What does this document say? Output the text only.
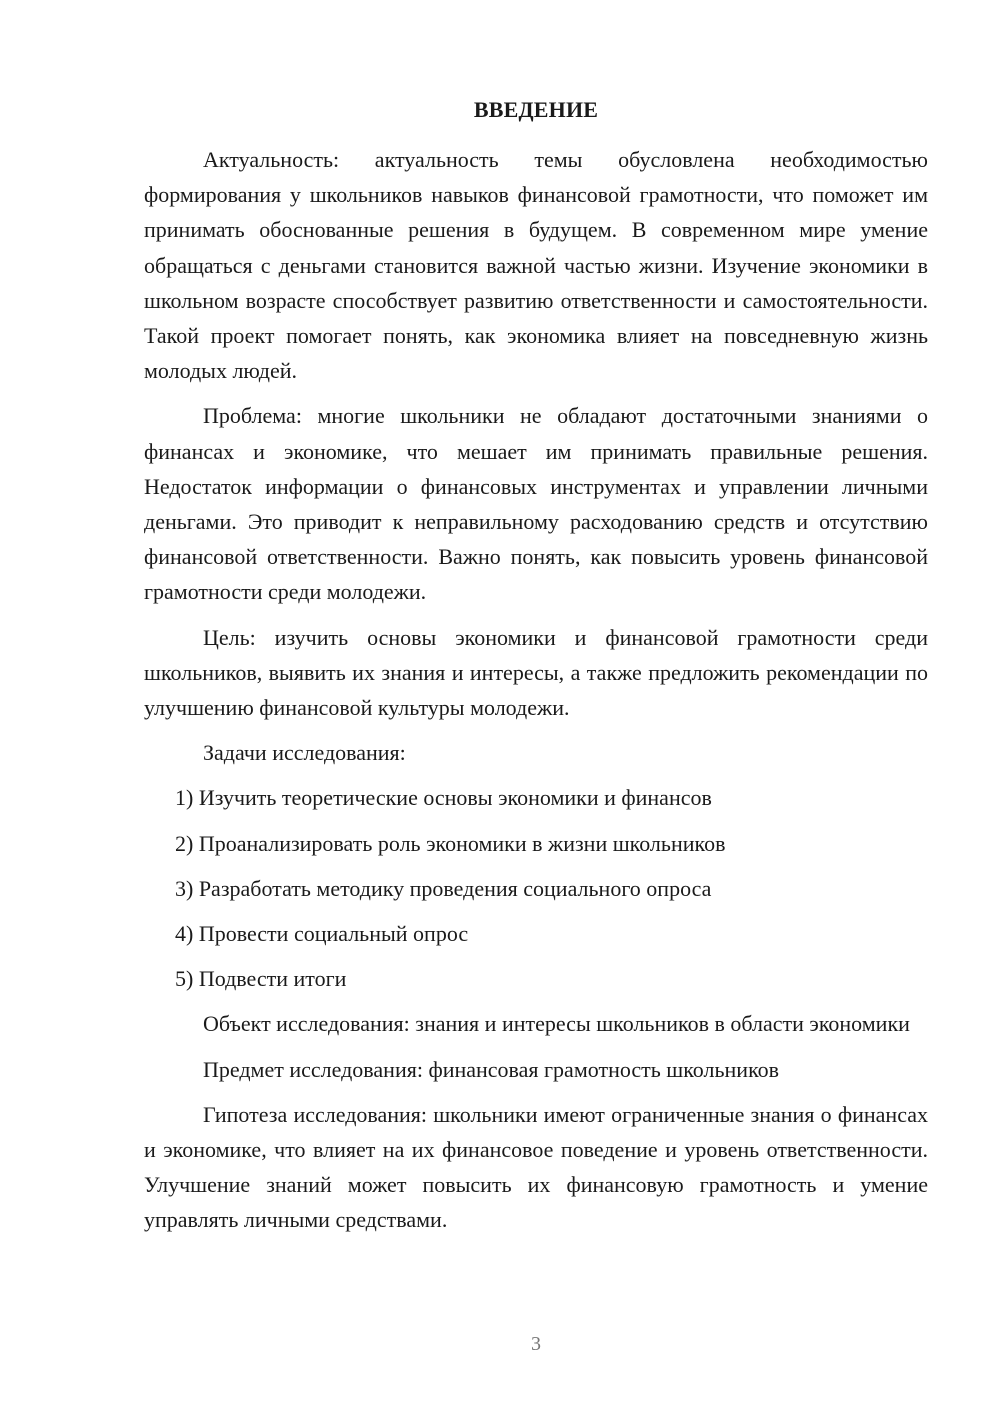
ВВЕДЕНИЕ

Актуальность: актуальность темы обусловлена необходимостью формирования у школьников навыков финансовой грамотности, что поможет им принимать обоснованные решения в будущем. В современном мире умение обращаться с деньгами становится важной частью жизни. Изучение экономики в школьном возрасте способствует развитию ответственности и самостоятельности. Такой проект помогает понять, как экономика влияет на повседневную жизнь молодых людей.

Проблема: многие школьники не обладают достаточными знаниями о финансах и экономике, что мешает им принимать правильные решения. Недостаток информации о финансовых инструментах и управлении личными деньгами. Это приводит к неправильному расходованию средств и отсутствию финансовой ответственности. Важно понять, как повысить уровень финансовой грамотности среди молодежи.

Цель: изучить основы экономики и финансовой грамотности среди школьников, выявить их знания и интересы, а также предложить рекомендации по улучшению финансовой культуры молодежи.

Задачи исследования:

1) Изучить теоретические основы экономики и финансов

2) Проанализировать роль экономики в жизни школьников

3) Разработать методику проведения социального опроса

4) Провести социальный опрос

5) Подвести итоги

Объект исследования: знания и интересы школьников в области экономики

Предмет исследования: финансовая грамотность школьников

Гипотеза исследования: школьники имеют ограниченные знания о финансах и экономике, что влияет на их финансовое поведение и уровень ответственности. Улучшение знаний может повысить их финансовую грамотность и умение управлять личными средствами.

3
